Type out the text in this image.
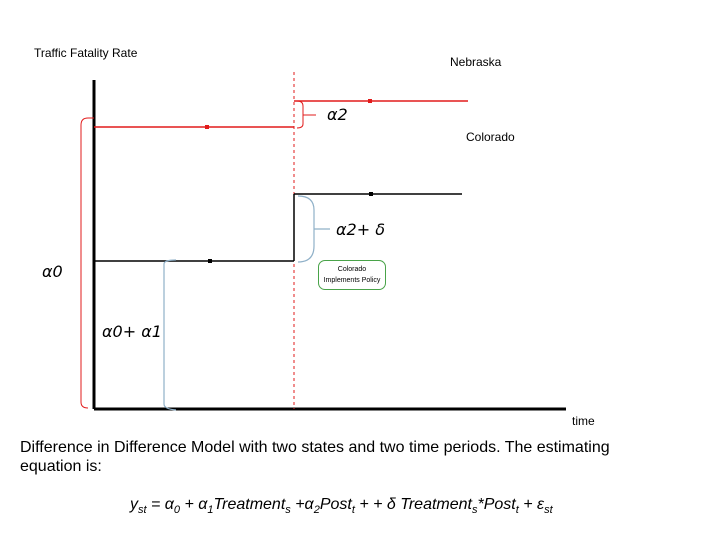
Traffic Fatality Rate
Nebraska
Colorado
time
α2
α2+ δ
α0
α0+ α1
Colorado
Implements Policy
Difference in Difference Model with two states and two time periods. The estimating equation is:
$y_{st} = \alpha_0$ + $\alpha_1Treatment_s$ $+\alpha_2Post_t$ + + δ Treatment$_s$*Post$_t$ + $\varepsilon_{st}$
